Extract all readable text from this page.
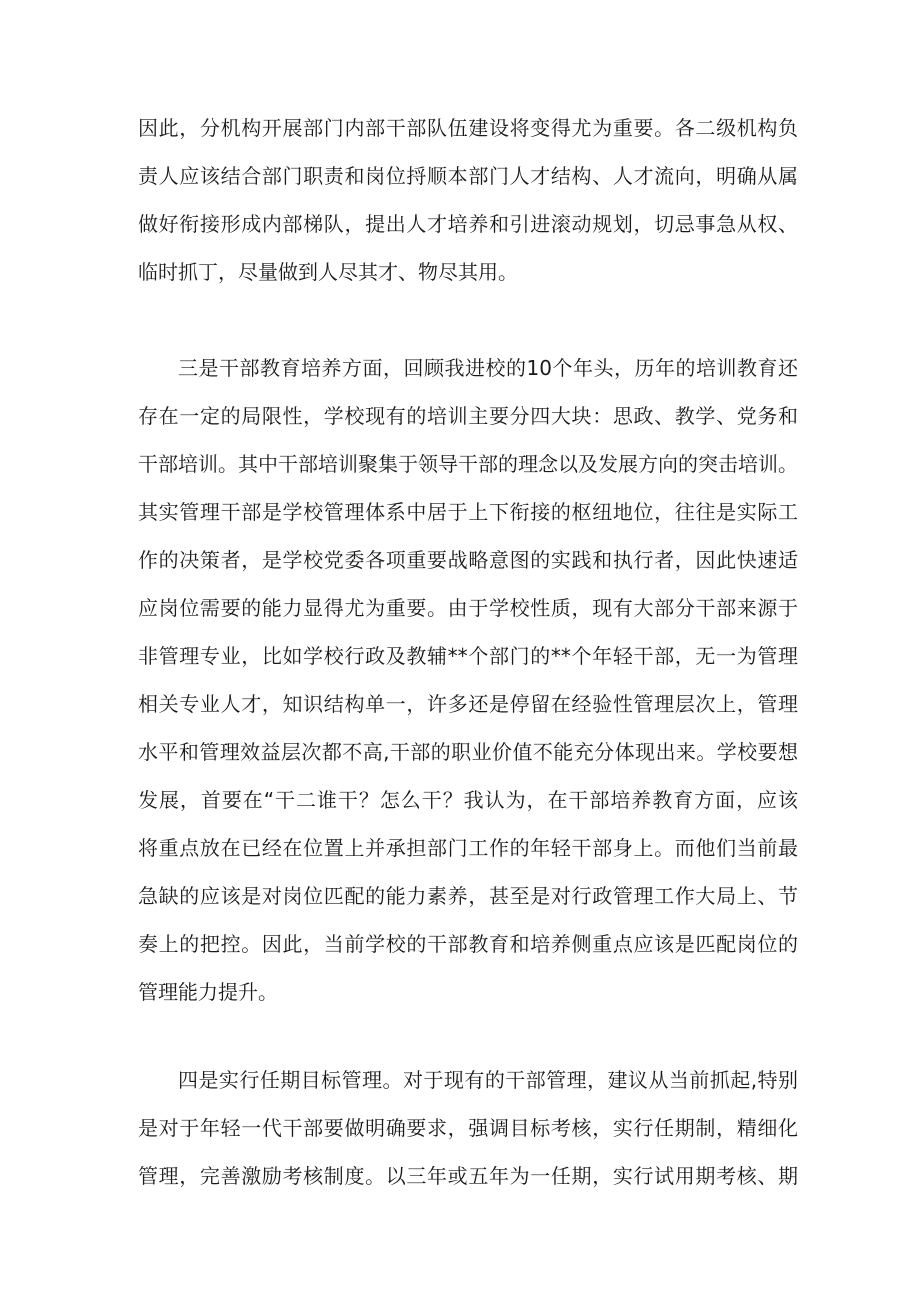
因此，分机构开展部门内部干部队伍建设将变得尤为重要。各二级机构负
责人应该结合部门职责和岗位捋顺本部门人才结构、人才流向，明确从属
做好衔接形成内部梯队，提出人才培养和引进滚动规划，切忌事急从权、
临时抓丁，尽量做到人尽其才、物尽其用。
三是干部教育培养方面，回顾我进校的10个年头，历年的培训教育还
存在一定的局限性，学校现有的培训主要分四大块：思政、教学、党务和
干部培训。其中干部培训聚集于领导干部的理念以及发展方向的突击培训。
其实管理干部是学校管理体系中居于上下衔接的枢纽地位，往往是实际工
作的决策者，是学校党委各项重要战略意图的实践和执行者，因此快速适
应岗位需要的能力显得尤为重要。由于学校性质，现有大部分干部来源于
非管理专业，比如学校行政及教辅**个部门的**个年轻干部，无一为管理
相关专业人才，知识结构单一，许多还是停留在经验性管理层次上，管理
水平和管理效益层次都不高,干部的职业价值不能充分体现出来。学校要想
发展，首要在“干二谁干？怎么干？我认为，在干部培养教育方面，应该
将重点放在已经在位置上并承担部门工作的年轻干部身上。而他们当前最
急缺的应该是对岗位匹配的能力素养，甚至是对行政管理工作大局上、节
奏上的把控。因此，当前学校的干部教育和培养侧重点应该是匹配岗位的
管理能力提升。
四是实行任期目标管理。对于现有的干部管理，建议从当前抓起,特别
是对于年轻一代干部要做明确要求，强调目标考核，实行任期制，精细化
管理，完善激励考核制度。以三年或五年为一任期，实行试用期考核、期
